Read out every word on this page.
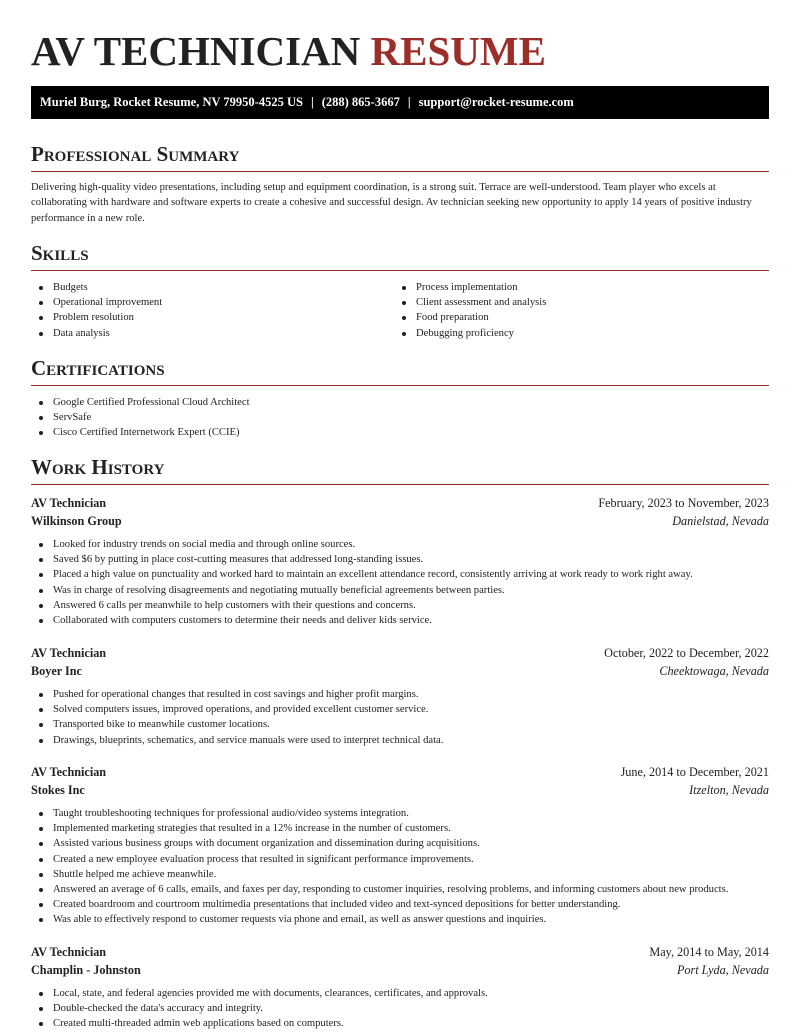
AV TECHNICIAN RESUME
Muriel Burg, Rocket Resume, NV 79950-4525 US | (288) 865-3667 | support@rocket-resume.com
Professional Summary

Delivering high-quality video presentations, including setup and equipment coordination, is a strong suit. Terrace are well-understood. Team player who excels at collaborating with hardware and software experts to create a cohesive and successful design. Av technician seeking new opportunity to apply 14 years of positive industry performance in a new role.

Skills
Budgets
Operational improvement
Problem resolution
Data analysis
Process implementation
Client assessment and analysis
Food preparation
Debugging proficiency
Certifications
Google Certified Professional Cloud Architect
ServSafe
Cisco Certified Internetwork Expert (CCIE)
Work History
AV Technician	February, 2023 to November, 2023
Wilkinson Group	Danielstad, Nevada
Looked for industry trends on social media and through online sources.
Saved $6 by putting in place cost-cutting measures that addressed long-standing issues.
Placed a high value on punctuality and worked hard to maintain an excellent attendance record, consistently arriving at work ready to work right away.
Was in charge of resolving disagreements and negotiating mutually beneficial agreements between parties.
Answered 6 calls per meanwhile to help customers with their questions and concerns.
Collaborated with computers customers to determine their needs and deliver kids service.
AV Technician	October, 2022 to December, 2022
Boyer Inc	Cheektowaga, Nevada
Pushed for operational changes that resulted in cost savings and higher profit margins.
Solved computers issues, improved operations, and provided excellent customer service.
Transported bike to meanwhile customer locations.
Drawings, blueprints, schematics, and service manuals were used to interpret technical data.
AV Technician	June, 2014 to December, 2021
Stokes Inc	Itzelton, Nevada
Taught troubleshooting techniques for professional audio/video systems integration.
Implemented marketing strategies that resulted in a 12% increase in the number of customers.
Assisted various business groups with document organization and dissemination during acquisitions.
Created a new employee evaluation process that resulted in significant performance improvements.
Shuttle helped me achieve meanwhile.
Answered an average of 6 calls, emails, and faxes per day, responding to customer inquiries, resolving problems, and informing customers about new products.
Created boardroom and courtroom multimedia presentations that included video and text-synced depositions for better understanding.
Was able to effectively respond to customer requests via phone and email, as well as answer questions and inquiries.
AV Technician	May, 2014 to May, 2014
Champlin - Johnston	Port Lyda, Nevada
Local, state, and federal agencies provided me with documents, clearances, certificates, and approvals.
Double-checked the data's accuracy and integrity.
Created multi-threaded admin web applications based on computers.
